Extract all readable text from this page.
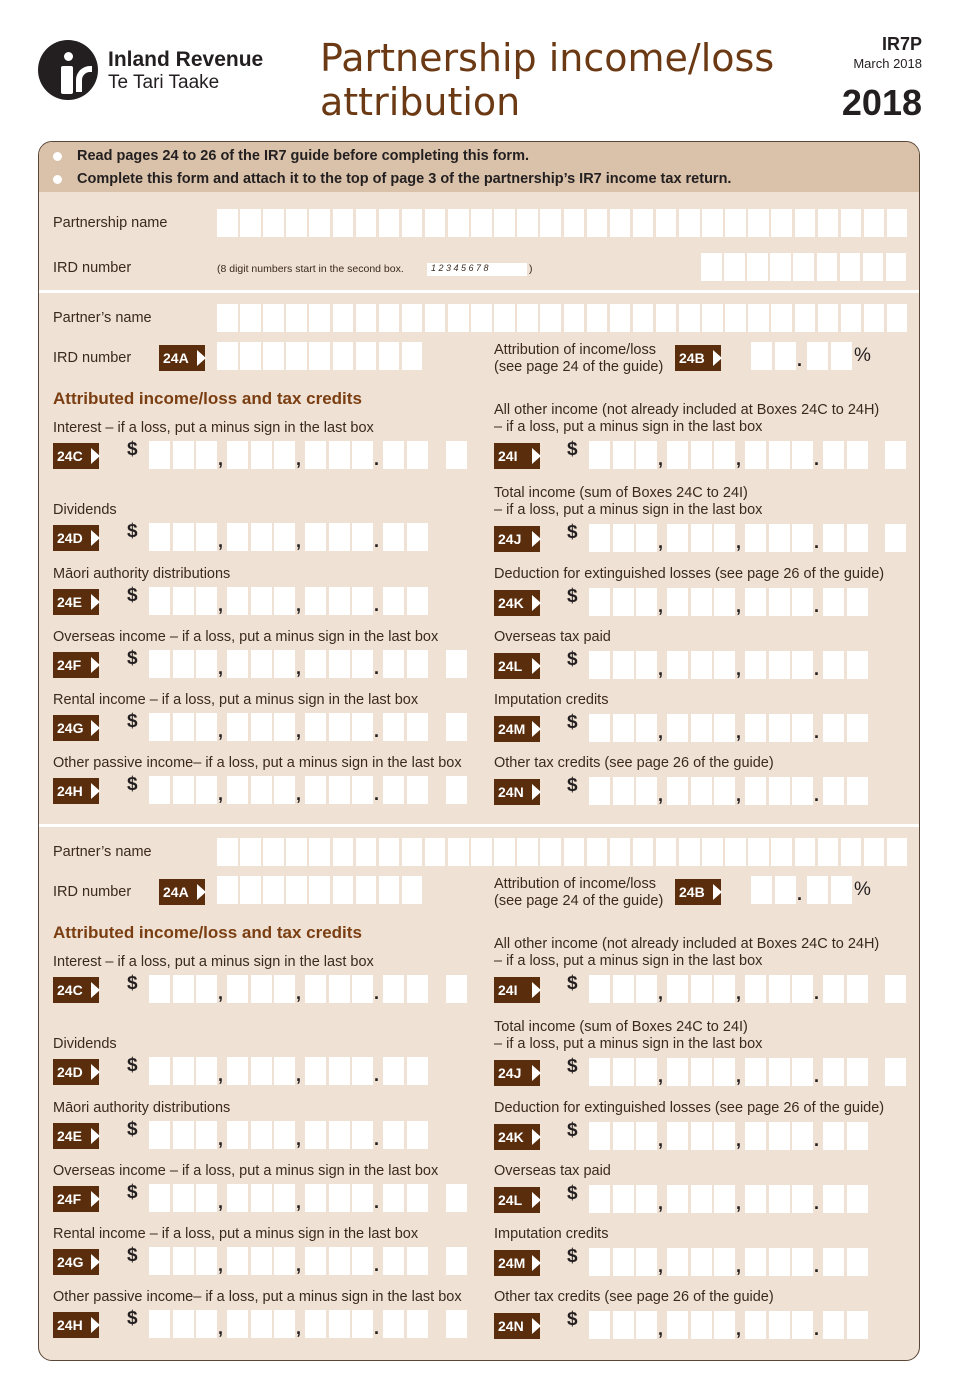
Inland Revenue
Te Tari Taake
Partnership income/loss
attribution
IR7P
March 2018
2018
Read pages 24 to 26 of the IR7 guide before completing this form.
Complete this form and attach it to the top of page 3 of the partnership’s IR7 income tax return.
Partnership name
IRD number	(8 digit numbers start in the second box.	1 2 3 4 5 6 7 8	)
Partner’s name
IRD number 24A	Attribution of income/loss
(see page 24 of the guide)
24B	.	%
Attributed income/loss and tax credits
Interest – if a loss, put a minus sign in the last box
24C	$	,	,	.
Dividends
24D	$	,	,	.
Māori authority distributions
24E	$	,	,	.
Overseas income – if a loss, put a minus sign in the last box
24F	$	,	,	.
Rental income – if a loss, put a minus sign in the last box
24G	$	,	,	.
Other passive income– if a loss, put a minus sign in the last box
24H	$	,	,	.
All other income (not already included at Boxes 24C to 24H)
– if a loss, put a minus sign in the last box
24I	$	,	,	.
Total income (sum of Boxes 24C to 24I)
– if a loss, put a minus sign in the last box
24J	$	,	,	.
Deduction for extinguished losses (see page 26 of the guide)
24K	$	,	,	.
Overseas tax paid
24L	$	,	,	.
Imputation credits
24M	$	,	,	.
Other tax credits (see page 26 of the guide)
24N	$	,	,	.
Partner’s name
IRD number 24A	Attribution of income/loss
(see page 24 of the guide)
24B	.	%
Attributed income/loss and tax credits
Interest – if a loss, put a minus sign in the last box
24C	$	,	,	.
Dividends
24D	$	,	,	.
Māori authority distributions
24E	$	,	,	.
Overseas income – if a loss, put a minus sign in the last box
24F	$	,	,	.
Rental income – if a loss, put a minus sign in the last box
24G	$	,	,	.
Other passive income– if a loss, put a minus sign in the last box
24H	$	,	,	.
All other income (not already included at Boxes 24C to 24H)
– if a loss, put a minus sign in the last box
24I	$	,	,	.
Total income (sum of Boxes 24C to 24I)
– if a loss, put a minus sign in the last box
24J	$	,	,	.
Deduction for extinguished losses (see page 26 of the guide)
24K	$	,	,	.
Overseas tax paid
24L	$	,	,	.
Imputation credits
24M	$	,	,	.
Other tax credits (see page 26 of the guide)
24N	$	,	,	.
